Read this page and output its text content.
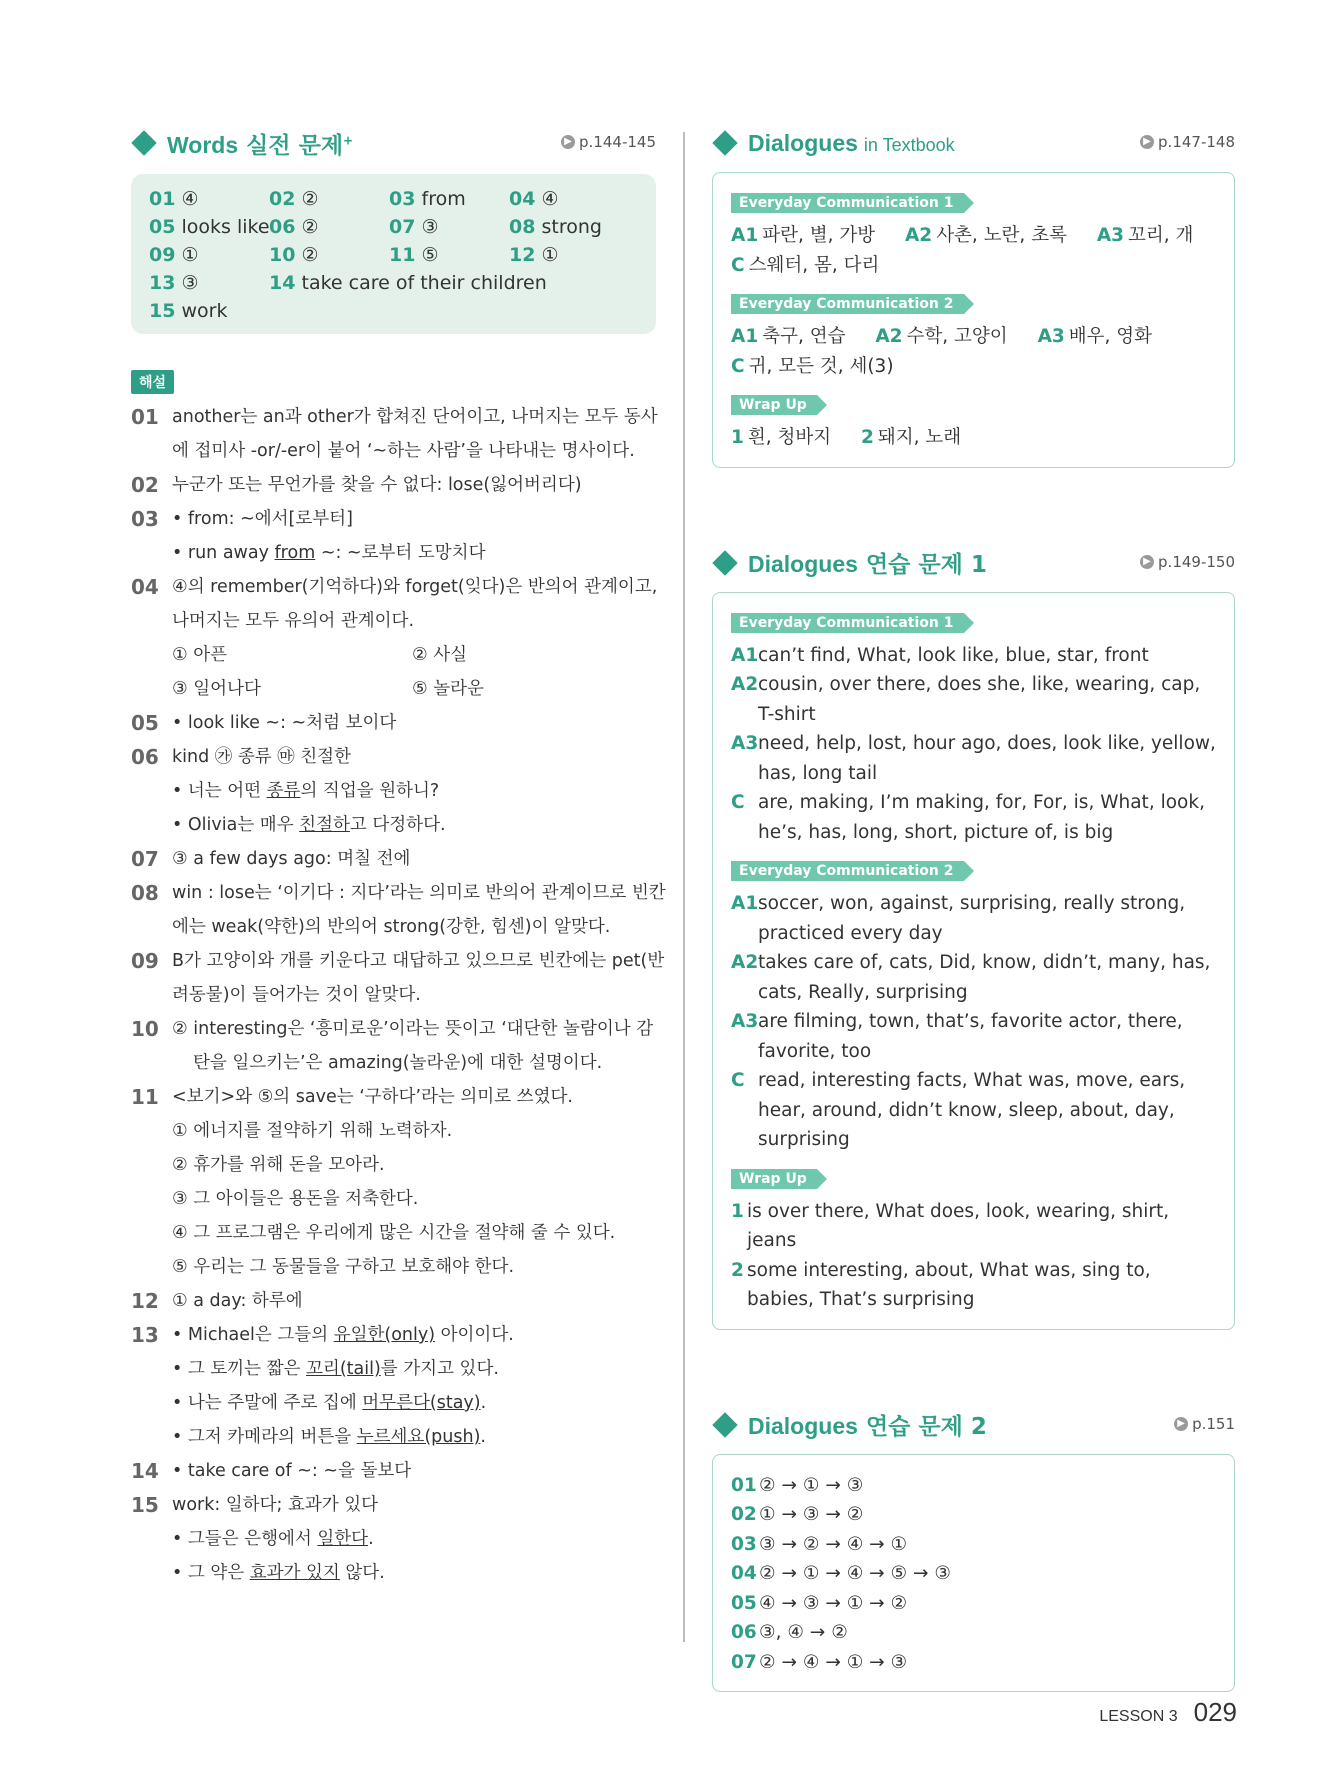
Words 실전 문제+	▶ p.144-145
01 ④	02 ②	03 from	04 ④
05 looks like 06 ②	07 ③	08 strong
09 ①	10 ②	11 ⑤	12 ①
13 ③	14 take care of their children
15 work
해설
01 another는 an과 other가 합쳐진 단어이고, 나머지는 모두 동사
에 접미사 -or/-er이 붙어 ‘~하는 사람’을 나타내는 명사이다.
02 누군가 또는 무언가를 찾을 수 없다: lose(잃어버리다)
03 • from: ~에서[로부터]
• run away from ~: ~로부터 도망치다
04 ④의 remember(기억하다)와 forget(잊다)은 반의어 관계이고,
나머지는 모두 유의어 관계이다.
① 아픈	② 사실
③ 일어나다	⑤ 놀라운
05 • look like ~: ~처럼 보이다
06 kind ㉮ 종류 ㉲ 친절한
• 너는 어떤 종류의 직업을 원하니?
• Olivia는 매우 친절하고 다정하다.
07 ③ a few days ago: 며칠 전에
08 win : lose는 ‘이기다 : 지다’라는 의미로 반의어 관계이므로 빈칸
에는 weak(약한)의 반의어 strong(강한, 힘센)이 알맞다.
09 B가 고양이와 개를 키운다고 대답하고 있으므로 빈칸에는 pet(반
려동물)이 들어가는 것이 알맞다.
10 ② interesting은 ‘흥미로운’이라는 뜻이고 ‘대단한 놀람이나 감
탄을 일으키는’은 amazing(놀라운)에 대한 설명이다.
11 <보기>와 ⑤의 save는 ‘구하다’라는 의미로 쓰였다.
① 에너지를 절약하기 위해 노력하자.
② 휴가를 위해 돈을 모아라.
③ 그 아이들은 용돈을 저축한다.
④ 그 프로그램은 우리에게 많은 시간을 절약해 줄 수 있다.
⑤ 우리는 그 동물들을 구하고 보호해야 한다.
12 ① a day: 하루에
13 • Michael은 그들의 유일한(only) 아이이다.
• 그 토끼는 짧은 꼬리(tail)를 가지고 있다.
• 나는 주말에 주로 집에 머무른다(stay).
• 그저 카메라의 버튼을 누르세요(push).
14 • take care of ~: ~을 돌보다
15 work: 일하다; 효과가 있다
• 그들은 은행에서 일한다.
• 그 약은 효과가 있지 않다.
Dialogues in Textbook	▶ p.147-148
Everyday Communication 1
A1 파란, 별, 가방 A2 사촌, 노란, 초록 A3 꼬리, 개
C 스웨터, 몸, 다리
Everyday Communication 2
A1 축구, 연습 A2 수학, 고양이 A3 배우, 영화
C 귀, 모든 것, 세(3)
Wrap Up
1 흰, 청바지 2 돼지, 노래
Dialogues 연습 문제 1	▶ p.149-150
Everyday Communication 1
A1 can’t find, What, look like, blue, star, front
A2 cousin, over there, does she, like, wearing, cap, T-shirt
A3 need, help, lost, hour ago, does, look like, yellow, has, long tail
C are, making, I’m making, for, For, is, What, look, he’s, has, long, short, picture of, is big
Everyday Communication 2
A1 soccer, won, against, surprising, really strong, practiced every day
A2 takes care of, cats, Did, know, didn’t, many, has, cats, Really, surprising
A3 are filming, town, that’s, favorite actor, there, favorite, too
C read, interesting facts, What was, move, ears, hear, around, didn’t know, sleep, about, day, surprising
Wrap Up
1 is over there, What does, look, wearing, shirt, jeans
2 some interesting, about, What was, sing to, babies, That’s surprising
Dialogues 연습 문제 2	▶ p.151
01 ② → ① → ③
02 ① → ③ → ②
03 ③ → ② → ④ → ①
04 ② → ① → ④ → ⑤ → ③
05 ④ → ③ → ① → ②
06 ③, ④ → ②
07 ② → ④ → ① → ③
LESSON 3 029
